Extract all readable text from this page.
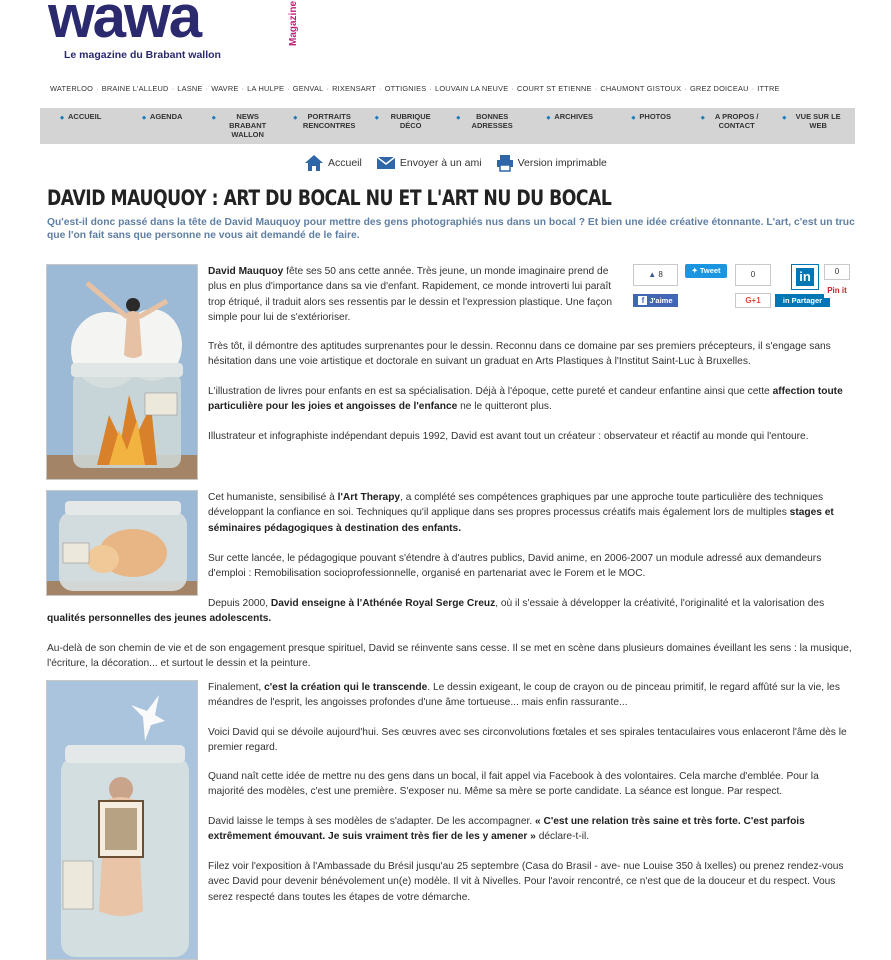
wawa	Magazine
Le magazine du Brabant wallon
WATERLOO · BRAINE L'ALLEUD · LASNE · WAVRE · LA HULPE · GENVAL · RIXENSART · OTTIGNIES · LOUVAIN LA NEUVE · COURT ST ETIENNE · CHAUMONT GISTOUX · GREZ DOICEAU · ITTRE
◆ ACCUEIL	◆ AGENDA	◆	NEWS BRABANT WALLON
◆	PORTRAITS RENCONTRES
◆	RUBRIQUE DÉCO
◆	BONNES ADRESSES
◆ ARCHIVES	◆ PHOTOS	◆	A PROPOS / CONTACT
◆	VUE SUR LE WEB
Accueil	Envoyer à un ami	Version imprimable
DAVID MAUQUOY : ART DU BOCAL NU ET L'ART NU DU BOCAL
Qu'est-il donc passé dans la tête de David Mauquoy pour mettre des gens photographiés nus dans un bocal ? Et bien une idée créative étonnante. L'art, c'est un truc que l'on fait sans que personne ne vous ait demandé de le faire.
▲ 8
f J'aime
✦ Tweet	0
G+1
in	0
in Partager
Pin it

David Mauquoy fête ses 50 ans cette année. Très jeune, un monde imaginaire prend de plus en plus d'importance dans sa vie d'enfant. Rapidement, ce monde introverti lui paraît trop étriqué, il traduit alors ses ressentis par le dessin et l'expression plastique. Une façon simple pour lui de s'extérioriser.

Très tôt, il démontre des aptitudes surprenantes pour le dessin. Reconnu dans ce domaine par ses premiers précepteurs, il s'engage sans hésitation dans une voie artistique et doctorale en suivant un graduat en Arts Plastiques à l'Institut Saint-Luc à Bruxelles.

L'illustration de livres pour enfants en est sa spécialisation. Déjà à l'époque, cette pureté et candeur enfantine ainsi que cette affection toute particulière pour les joies et angoisses de l'enfance ne le quitteront plus.

Illustrateur et infographiste indépendant depuis 1992, David est avant tout un créateur : observateur et réactif au monde qui l'entoure.

Cet humaniste, sensibilisé à l'Art Therapy, a complété ses compétences graphiques par une approche toute particulière des techniques développant la confiance en soi. Techniques qu'il applique dans ses propres processus créatifs mais également lors de multiples stages et séminaires pédagogiques à destination des enfants.

Sur cette lancée, le pédagogique pouvant s'étendre à d'autres publics, David anime, en 2006-2007 un module adressé aux demandeurs d'emploi : Remobilisation socioprofessionnelle, organisé en partenariat avec le Forem et le MOC.

Depuis 2000, David enseigne à l'Athénée Royal Serge Creuz, où il s'essaie à développer la créativité, l'originalité et la valorisation des

qualités personnelles des jeunes adolescents.

Au-delà de son chemin de vie et de son engagement presque spirituel, David se réinvente sans cesse. Il se met en scène dans plusieurs domaines éveillant les sens : la musique, l'écriture, la décoration... et surtout le dessin et la peinture.

Finalement, c'est la création qui le transcende. Le dessin exigeant, le coup de crayon ou de pinceau primitif, le regard affûté sur la vie, les méandres de l'esprit, les angoisses profondes d'une âme tortueuse... mais enfin rassurante...

Voici David qui se dévoile aujourd'hui. Ses œuvres avec ses circonvolutions fœtales et ses spirales tentaculaires vous enlaceront l'âme dès le premier regard.

Quand naît cette idée de mettre nu des gens dans un bocal, il fait appel via Facebook à des volontaires. Cela marche d'emblée. Pour la majorité des modèles, c'est une première. S'exposer nu. Même sa mère se porte candidate. La séance est longue. Par respect.

David laisse le temps à ses modèles de s'adapter. De les accompagner. « C'est une relation très saine et très forte. C'est parfois extrêmement émouvant. Je suis vraiment très fier de les y amener » déclare-t-il.

Filez voir l'exposition à l'Ambassade du Brésil jusqu'au 25 septembre (Casa do Brasil - ave- nue Louise 350 à Ixelles) ou prenez rendez-vous avec David pour devenir bénévolement un(e) modèle. Il vit à Nivelles. Pour l'avoir rencontré, ce n'est que de la douceur et du respect. Vous serez respecté dans toutes les étapes de votre démarche.
